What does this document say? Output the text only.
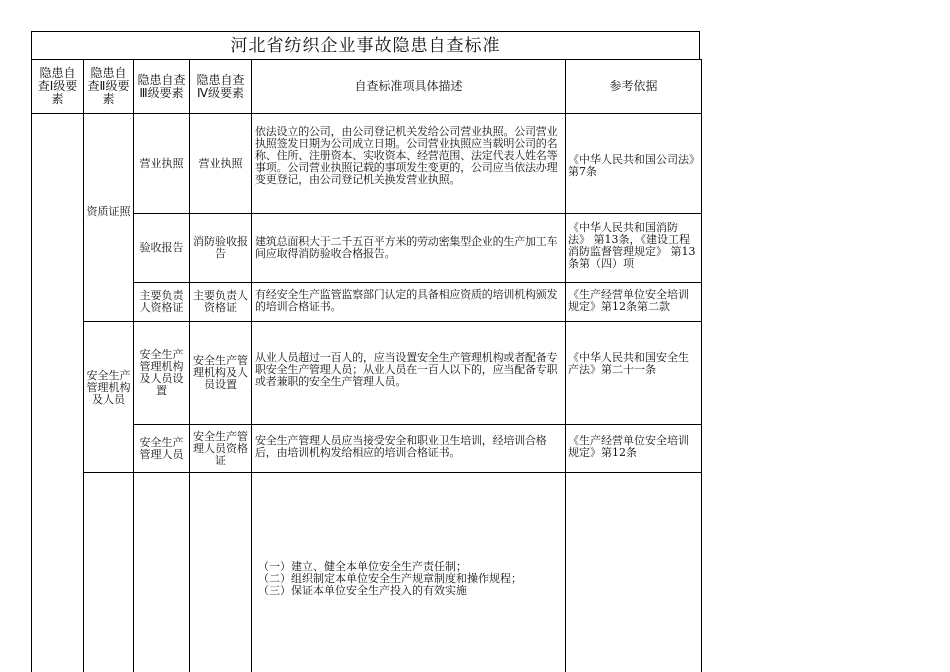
河北省纺织企业事故隐患自查标准
隐患自查Ⅰ级要素	隐患自查Ⅱ级要素	隐患自查Ⅲ级要素	隐患自查Ⅳ级要素	自查标准项具体描述	参考依据
	资质证照	营业执照	营业执照	依法设立的公司，由公司登记机关发给公司营业执照。公司营业执照签发日期为公司成立日期。公司营业执照应当载明公司的名称、住所、注册资本、实收资本、经营范围、法定代表人姓名等事项。公司营业执照记载的事项发生变更的，公司应当依法办理变更登记，由公司登记机关换发营业执照。	《中华人民共和国公司法》第7条
		验收报告	消防验收报告	建筑总面积大于二千五百平方米的劳动密集型企业的生产加工车间应取得消防验收合格报告。	《中华人民共和国消防法》 第13条，《建设工程消防监督管理规定》 第13条第（四）项
		主要负责人资格证	主要负责人资格证	有经安全生产监管监察部门认定的具备相应资质的培训机构颁发的培训合格证书。	《生产经营单位安全培训规定》第12条第二款
	安全生产管理机构及人员	安全生产管理机构及人员设置	安全生产管理机构及人员设置	从业人员超过一百人的，应当设置安全生产管理机构或者配备专职安全生产管理人员；从业人员在一百人以下的，应当配备专职或者兼职的安全生产管理人员。	《中华人民共和国安全生产法》第二十一条
		安全生产管理人员	安全生产管理人员资格证	安全生产管理人员应当接受安全和职业卫生培训，经培训合格后，由培训机构发给相应的培训合格证书。	《生产经营单位安全培训规定》第12条

				（一）建立、健全本单位安全生产责任制；
（二）组织制定本单位安全生产规章制度和操作规程；
（三）保证本单位安全生产投入的有效实施	
